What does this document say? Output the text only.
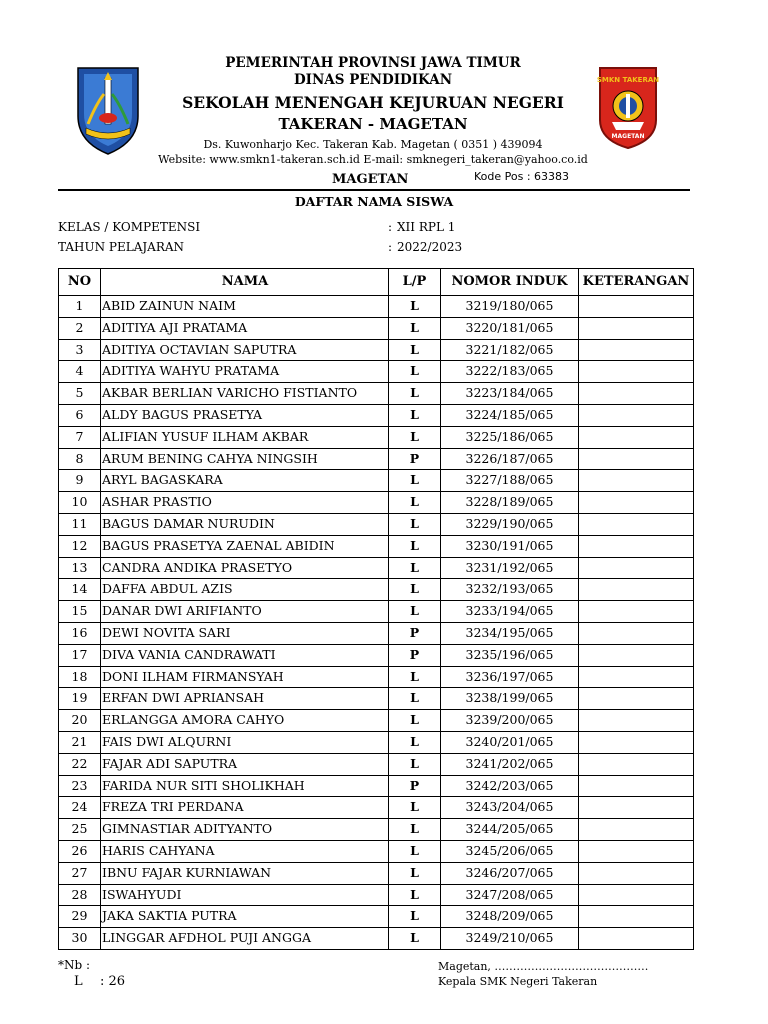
SMKN TAKERAN
MAGETAN
PEMERINTAH PROVINSI JAWA TIMUR
DINAS PENDIDIKAN
SEKOLAH MENENGAH KEJURUAN NEGERI
TAKERAN - MAGETAN
Ds. Kuwonharjo Kec. Takeran Kab. Magetan ( 0351 ) 439094
Website: www.smkn1-takeran.sch.id E-mail: smknegeri_takeran@yahoo.co.id
MAGETAN	Kode Pos : 63383
DAFTAR NAMA SISWA
KELAS / KOMPETENSI	: XII RPL 1
TAHUN PELAJARAN	: 2022/2023
NO	NAMA	L/P	NOMOR INDUK	KETERANGAN
1	ABID ZAINUN NAIM	L	3219/180/065	
2	ADITIYA AJI PRATAMA	L	3220/181/065	
3	ADITIYA OCTAVIAN SAPUTRA	L	3221/182/065	
4	ADITIYA WAHYU PRATAMA	L	3222/183/065	
5	AKBAR BERLIAN VARICHO FISTIANTO	L	3223/184/065	
6	ALDY BAGUS PRASETYA	L	3224/185/065	
7	ALIFIAN YUSUF ILHAM AKBAR	L	3225/186/065	
8	ARUM BENING CAHYA NINGSIH	P	3226/187/065	
9	ARYL BAGASKARA	L	3227/188/065	
10	ASHAR PRASTIO	L	3228/189/065	
11	BAGUS DAMAR NURUDIN	L	3229/190/065	
12	BAGUS PRASETYA ZAENAL ABIDIN	L	3230/191/065	
13	CANDRA ANDIKA PRASETYO	L	3231/192/065	
14	DAFFA ABDUL AZIS	L	3232/193/065	
15	DANAR DWI ARIFIANTO	L	3233/194/065	
16	DEWI NOVITA SARI	P	3234/195/065	
17	DIVA VANIA CANDRAWATI	P	3235/196/065	
18	DONI ILHAM FIRMANSYAH	L	3236/197/065	
19	ERFAN DWI APRIANSAH	L	3238/199/065	
20	ERLANGGA AMORA CAHYO	L	3239/200/065	
21	FAIS DWI ALQURNI	L	3240/201/065	
22	FAJAR ADI SAPUTRA	L	3241/202/065	
23	FARIDA NUR SITI SHOLIKHAH	P	3242/203/065	
24	FREZA TRI PERDANA	L	3243/204/065	
25	GIMNASTIAR ADITYANTO	L	3244/205/065	
26	HARIS CAHYANA	L	3245/206/065	
27	IBNU FAJAR KURNIAWAN	L	3246/207/065	
28	ISWAHYUDI	L	3247/208/065	
29	JAKA SAKTIA PUTRA	L	3248/209/065	
30	LINGGAR AFDHOL PUJI ANGGA	L	3249/210/065	
*Nb :
L : 26
Magetan, ……………………………………
Kepala SMK Negeri Takeran
